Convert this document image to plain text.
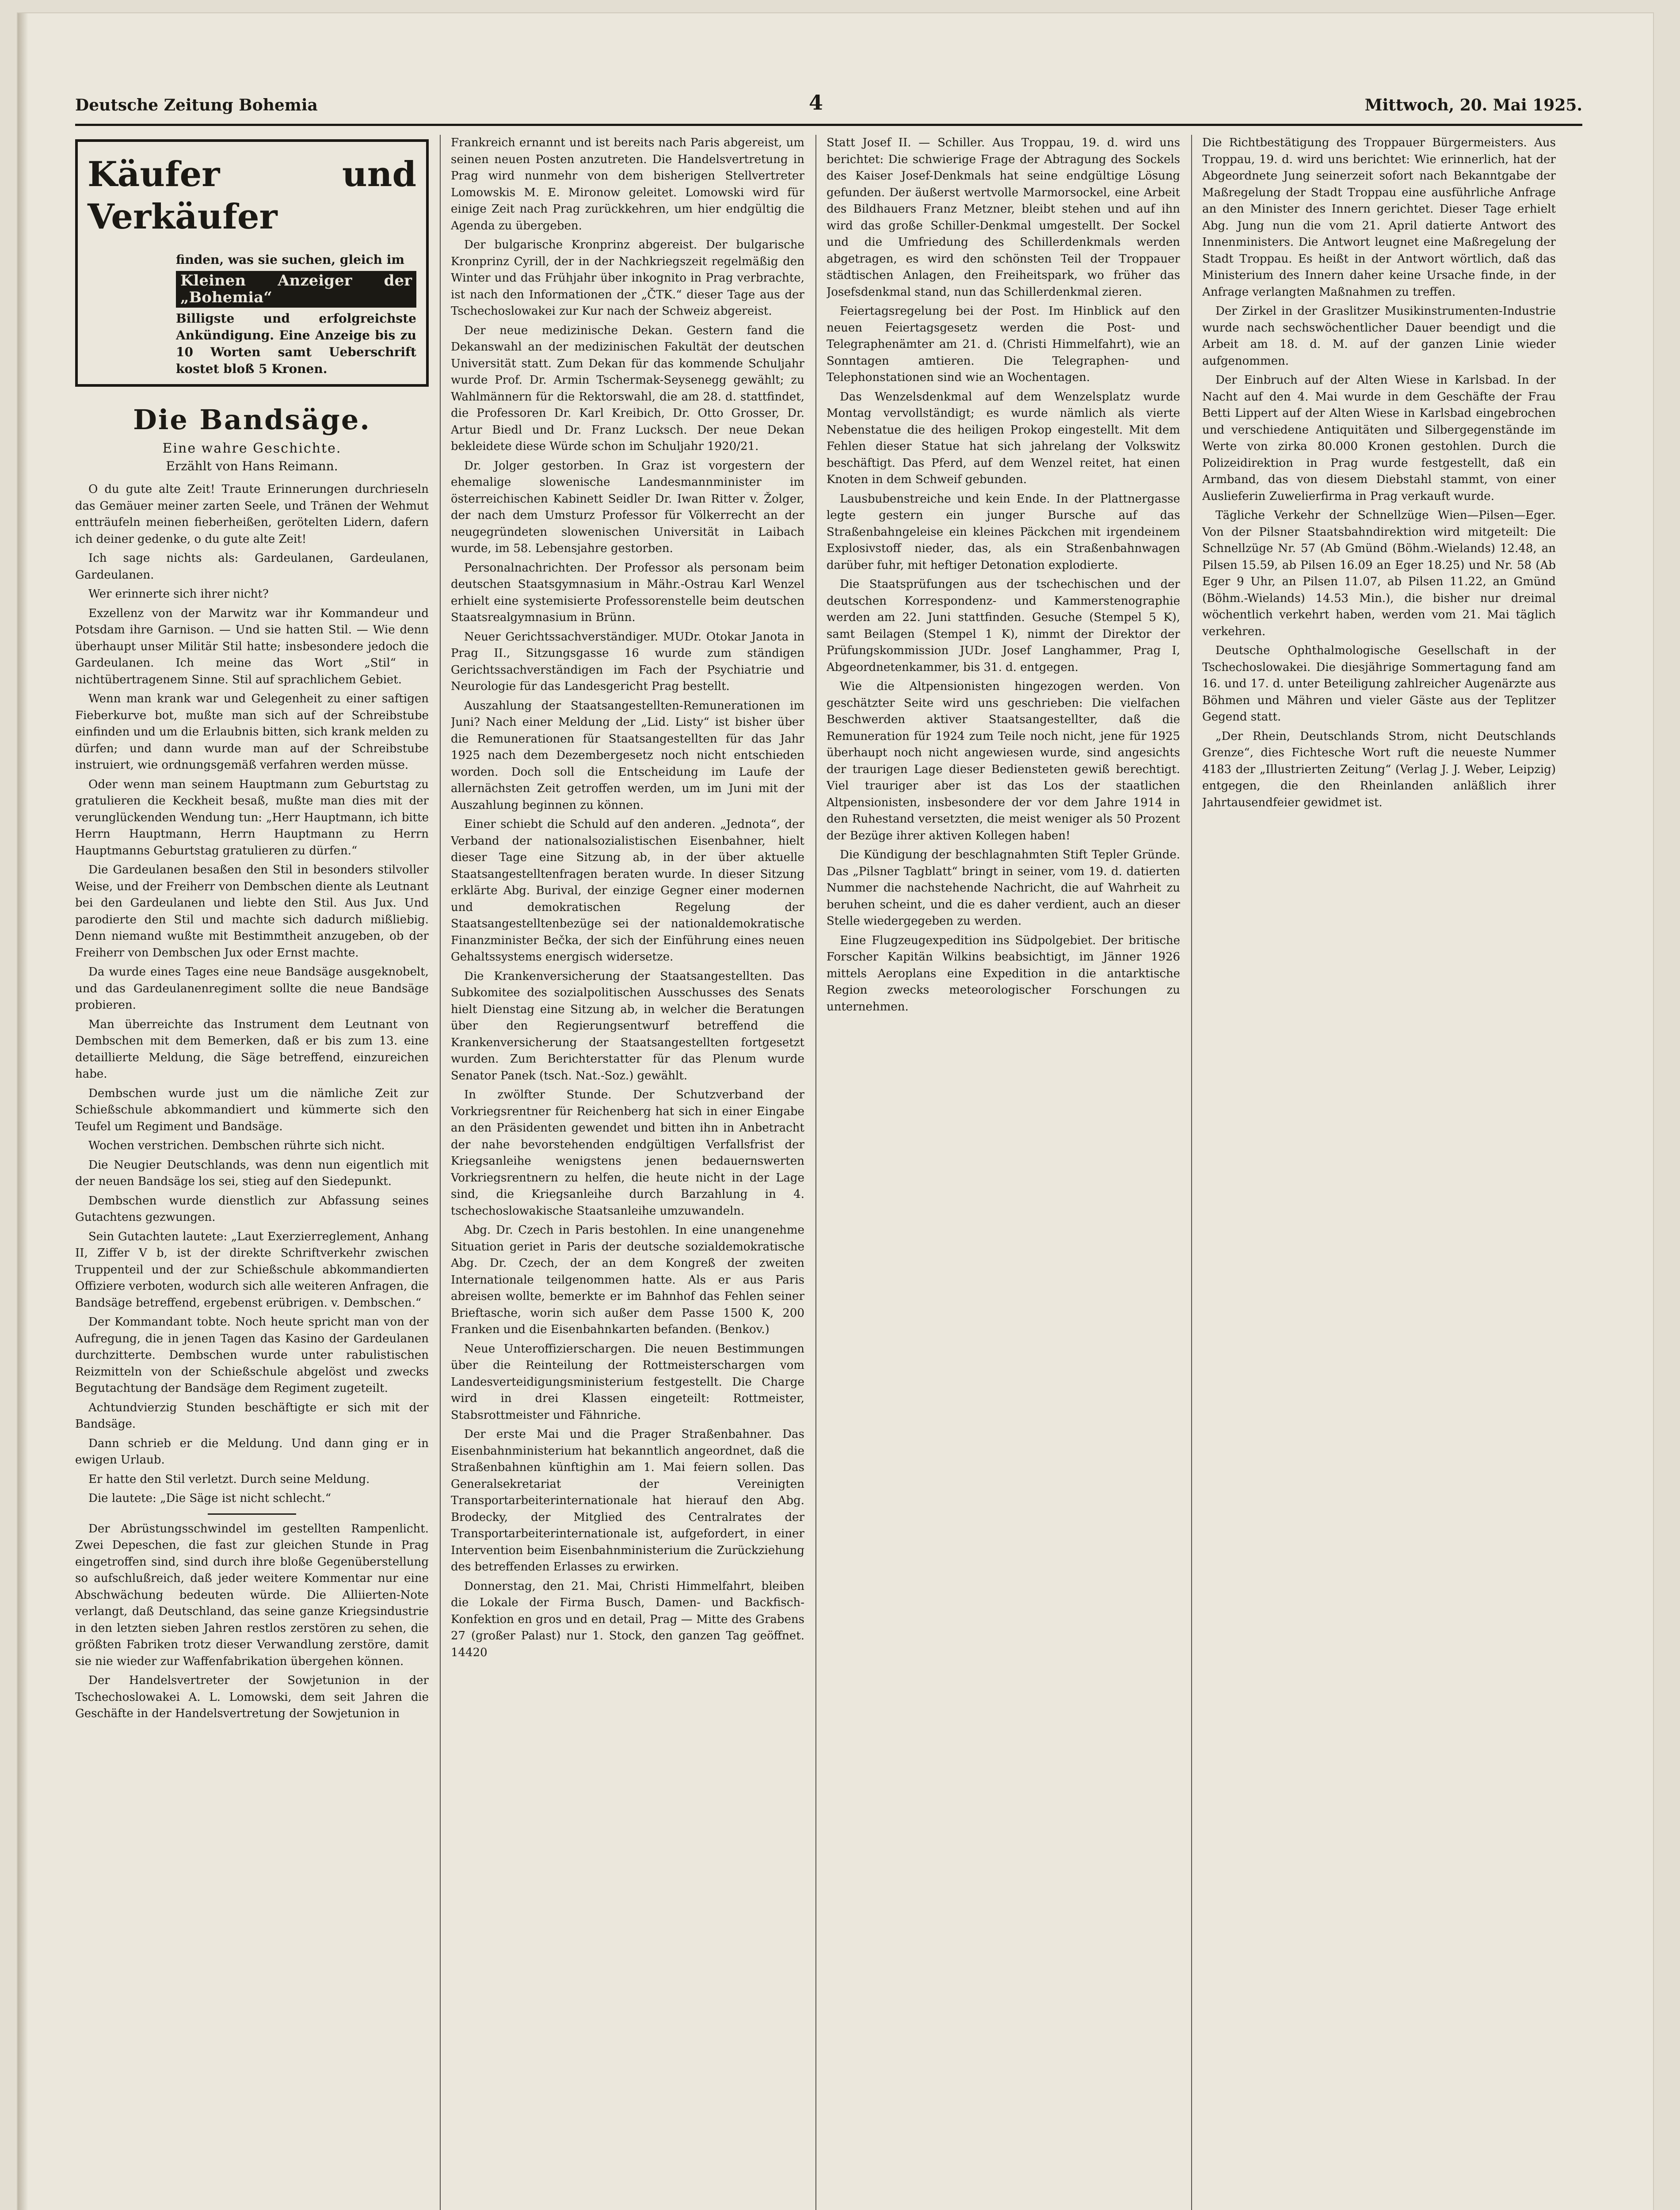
Deutsche Zeitung Bohemia	4	Mittwoch, 20. Mai 1925.
Käufer und Verkäufer
finden, was sie suchen, gleich im
Kleinen Anzeiger der „Bohemia“
Billigste und erfolgreichste Ankündigung. Eine Anzeige bis zu 10 Worten samt Ueberschrift kostet bloß 5 Kronen.
Die Bandsäge.
Eine wahre Geschichte.
Erzählt von Hans Reimann.

O du gute alte Zeit! Traute Erinnerungen durchrieseln das Gemäuer meiner zarten Seele, und Tränen der Wehmut entträufeln meinen fieberheißen, gerötelten Lidern, dafern ich deiner gedenke, o du gute alte Zeit!

Ich sage nichts als: Gardeulanen, Gardeulanen, Gardeulanen.

Wer erinnerte sich ihrer nicht?

Exzellenz von der Marwitz war ihr Kommandeur und Potsdam ihre Garnison. — Und sie hatten Stil. — Wie denn überhaupt unser Militär Stil hatte; insbesondere jedoch die Gardeulanen. Ich meine das Wort „Stil“ in nichtübertragenem Sinne. Stil auf sprachlichem Gebiet.

Wenn man krank war und Gelegenheit zu einer saftigen Fieberkurve bot, mußte man sich auf der Schreibstube einfinden und um die Erlaubnis bitten, sich krank melden zu dürfen; und dann wurde man auf der Schreibstube instruiert, wie ordnungsgemäß verfahren werden müsse.

Oder wenn man seinem Hauptmann zum Geburtstag zu gratulieren die Keckheit besaß, mußte man dies mit der verunglückenden Wendung tun: „Herr Hauptmann, ich bitte Herrn Hauptmann, Herrn Hauptmann zu Herrn Hauptmanns Geburtstag gratulieren zu dürfen.“

Die Gardeulanen besaßen den Stil in besonders stilvoller Weise, und der Freiherr von Dembschen diente als Leutnant bei den Gardeulanen und liebte den Stil. Aus Jux. Und parodierte den Stil und machte sich dadurch mißliebig. Denn niemand wußte mit Bestimmtheit anzugeben, ob der Freiherr von Dembschen Jux oder Ernst machte.

Da wurde eines Tages eine neue Bandsäge ausgeknobelt, und das Gardeulanenregiment sollte die neue Bandsäge probieren.

Man überreichte das Instrument dem Leutnant von Dembschen mit dem Bemerken, daß er bis zum 13. eine detaillierte Meldung, die Säge betreffend, einzureichen habe.

Dembschen wurde just um die nämliche Zeit zur Schießschule abkommandiert und kümmerte sich den Teufel um Regiment und Bandsäge.

Wochen verstrichen. Dembschen rührte sich nicht.

Die Neugier Deutschlands, was denn nun eigentlich mit der neuen Bandsäge los sei, stieg auf den Siedepunkt.

Dembschen wurde dienstlich zur Abfassung seines Gutachtens gezwungen.

Sein Gutachten lautete: „Laut Exerzierreglement, Anhang II, Ziffer V b, ist der direkte Schriftverkehr zwischen Truppenteil und der zur Schießschule abkommandierten Offiziere verboten, wodurch sich alle weiteren Anfragen, die Bandsäge betreffend, ergebenst erübrigen. v. Dembschen.“

Der Kommandant tobte. Noch heute spricht man von der Aufregung, die in jenen Tagen das Kasino der Gardeulanen durchzitterte. Dembschen wurde unter rabulistischen Reizmitteln von der Schießschule abgelöst und zwecks Begutachtung der Bandsäge dem Regiment zugeteilt.

Achtundvierzig Stunden beschäftigte er sich mit der Bandsäge.

Dann schrieb er die Meldung. Und dann ging er in ewigen Urlaub.

Er hatte den Stil verletzt. Durch seine Meldung.

Die lautete: „Die Säge ist nicht schlecht.“

Der Abrüstungsschwindel im gestellten Rampenlicht. Zwei Depeschen, die fast zur gleichen Stunde in Prag eingetroffen sind, sind durch ihre bloße Gegenüberstellung so aufschlußreich, daß jeder weitere Kommentar nur eine Abschwächung bedeuten würde. Die Alliierten-Note verlangt, daß Deutschland, das seine ganze Kriegsindustrie in den letzten sieben Jahren restlos zerstören zu sehen, die größten Fabriken trotz dieser Verwandlung zerstöre, damit sie nie wieder zur Waffenfabrikation übergehen können.

Der Handelsvertreter der Sowjetunion in der Tschechoslowakei A. L. Lomowski, dem seit Jahren die Geschäfte in der Handelsvertretung der Sowjetunion in

Frankreich ernannt und ist bereits nach Paris abgereist, um seinen neuen Posten anzutreten. Die Handelsvertretung in Prag wird nunmehr von dem bisherigen Stellvertreter Lomowskis M. E. Mironow geleitet. Lomowski wird für einige Zeit nach Prag zurückkehren, um hier endgültig die Agenda zu übergeben.

Der bulgarische Kronprinz abgereist. Der bulgarische Kronprinz Cyrill, der in der Nachkriegszeit regelmäßig den Winter und das Frühjahr über inkognito in Prag verbrachte, ist nach den Informationen der „ČTK.“ dieser Tage aus der Tschechoslowakei zur Kur nach der Schweiz abgereist.

Der neue medizinische Dekan. Gestern fand die Dekanswahl an der medizinischen Fakultät der deutschen Universität statt. Zum Dekan für das kommende Schuljahr wurde Prof. Dr. Armin Tschermak-Seysenegg gewählt; zu Wahlmännern für die Rektorswahl, die am 28. d. stattfindet, die Professoren Dr. Karl Kreibich, Dr. Otto Grosser, Dr. Artur Biedl und Dr. Franz Lucksch. Der neue Dekan bekleidete diese Würde schon im Schuljahr 1920/21.

Dr. Jolger gestorben. In Graz ist vorgestern der ehemalige slowenische Landesmannminister im österreichischen Kabinett Seidler Dr. Iwan Ritter v. Žolger, der nach dem Umsturz Professor für Völkerrecht an der neugegründeten slowenischen Universität in Laibach wurde, im 58. Lebensjahre gestorben.

Personalnachrichten. Der Professor als personam beim deutschen Staatsgymnasium in Mähr.-Ostrau Karl Wenzel erhielt eine systemisierte Professorenstelle beim deutschen Staatsrealgymnasium in Brünn.

Neuer Gerichtssachverständiger. MUDr. Otokar Janota in Prag II., Sitzungsgasse 16 wurde zum ständigen Gerichtssachverständigen im Fach der Psychiatrie und Neurologie für das Landesgericht Prag bestellt.

Auszahlung der Staatsangestellten-Remunerationen im Juni? Nach einer Meldung der „Lid. Listy“ ist bisher über die Remunerationen für Staatsangestellten für das Jahr 1925 nach dem Dezembergesetz noch nicht entschieden worden. Doch soll die Entscheidung im Laufe der allernächsten Zeit getroffen werden, um im Juni mit der Auszahlung beginnen zu können.

Einer schiebt die Schuld auf den anderen. „Jednota“, der Verband der nationalsozialistischen Eisenbahner, hielt dieser Tage eine Sitzung ab, in der über aktuelle Staatsangestelltenfragen beraten wurde. In dieser Sitzung erklärte Abg. Burival, der einzige Gegner einer modernen und demokratischen Regelung der Staatsangestelltenbezüge sei der nationaldemokratische Finanzminister Bečka, der sich der Einführung eines neuen Gehaltssystems energisch widersetze.

Die Krankenversicherung der Staatsangestellten. Das Subkomitee des sozialpolitischen Ausschusses des Senats hielt Dienstag eine Sitzung ab, in welcher die Beratungen über den Regierungsentwurf betreffend die Krankenversicherung der Staatsangestellten fortgesetzt wurden. Zum Berichterstatter für das Plenum wurde Senator Panek (tsch. Nat.-Soz.) gewählt.

In zwölfter Stunde. Der Schutzverband der Vorkriegsrentner für Reichenberg hat sich in einer Eingabe an den Präsidenten gewendet und bitten ihn in Anbetracht der nahe bevorstehenden endgültigen Verfallsfrist der Kriegsanleihe wenigstens jenen bedauernswerten Vorkriegsrentnern zu helfen, die heute nicht in der Lage sind, die Kriegsanleihe durch Barzahlung in 4. tschechoslowakische Staatsanleihe umzuwandeln.

Abg. Dr. Czech in Paris bestohlen. In eine unangenehme Situation geriet in Paris der deutsche sozialdemokratische Abg. Dr. Czech, der an dem Kongreß der zweiten Internationale teilgenommen hatte. Als er aus Paris abreisen wollte, bemerkte er im Bahnhof das Fehlen seiner Brieftasche, worin sich außer dem Passe 1500 K, 200 Franken und die Eisenbahnkarten befanden. (Benkov.)

Neue Unteroffizierschargen. Die neuen Bestimmungen über die Reinteilung der Rottmeisterschargen vom Landesverteidigungsministerium festgestellt. Die Charge wird in drei Klassen eingeteilt: Rottmeister, Stabsrottmeister und Fähnriche.

Der erste Mai und die Prager Straßenbahner. Das Eisenbahnministerium hat bekanntlich angeordnet, daß die Straßenbahnen künftighin am 1. Mai feiern sollen. Das Generalsekretariat der Vereinigten Transportarbeiterinternationale hat hierauf den Abg. Brodecky, der Mitglied des Centralrates der Transportarbeiterinternationale ist, aufgefordert, in einer Intervention beim Eisenbahnministerium die Zurückziehung des betreffenden Erlasses zu erwirken.

Donnerstag, den 21. Mai, Christi Himmelfahrt, bleiben die Lokale der Firma Busch, Damen- und Backfisch-Konfektion en gros und en detail, Prag — Mitte des Grabens 27 (großer Palast) nur 1. Stock, den ganzen Tag geöffnet. 14420

Statt Josef II. — Schiller. Aus Troppau, 19. d. wird uns berichtet: Die schwierige Frage der Abtragung des Sockels des Kaiser Josef-Denkmals hat seine endgültige Lösung gefunden. Der äußerst wertvolle Marmorsockel, eine Arbeit des Bildhauers Franz Metzner, bleibt stehen und auf ihn wird das große Schiller-Denkmal umgestellt. Der Sockel und die Umfriedung des Schillerdenkmals werden abgetragen, es wird den schönsten Teil der Troppauer städtischen Anlagen, den Freiheitspark, wo früher das Josefsdenkmal stand, nun das Schillerdenkmal zieren.

Feiertagsregelung bei der Post. Im Hinblick auf den neuen Feiertagsgesetz werden die Post- und Telegraphenämter am 21. d. (Christi Himmelfahrt), wie an Sonntagen amtieren. Die Telegraphen- und Telephonstationen sind wie an Wochentagen.

Das Wenzelsdenkmal auf dem Wenzelsplatz wurde Montag vervollständigt; es wurde nämlich als vierte Nebenstatue die des heiligen Prokop eingestellt. Mit dem Fehlen dieser Statue hat sich jahrelang der Volkswitz beschäftigt. Das Pferd, auf dem Wenzel reitet, hat einen Knoten in dem Schweif gebunden.

Lausbubenstreiche und kein Ende. In der Plattnergasse legte gestern ein junger Bursche auf das Straßenbahngeleise ein kleines Päckchen mit irgendeinem Explosivstoff nieder, das, als ein Straßenbahnwagen darüber fuhr, mit heftiger Detonation explodierte.

Die Staatsprüfungen aus der tschechischen und der deutschen Korrespondenz- und Kammerstenographie werden am 22. Juni stattfinden. Gesuche (Stempel 5 K), samt Beilagen (Stempel 1 K), nimmt der Direktor der Prüfungskommission JUDr. Josef Langhammer, Prag I, Abgeordnetenkammer, bis 31. d. entgegen.

Wie die Altpensionisten hingezogen werden. Von geschätzter Seite wird uns geschrieben: Die vielfachen Beschwerden aktiver Staatsangestellter, daß die Remuneration für 1924 zum Teile noch nicht, jene für 1925 überhaupt noch nicht angewiesen wurde, sind angesichts der traurigen Lage dieser Bediensteten gewiß berechtigt. Viel trauriger aber ist das Los der staatlichen Altpensionisten, insbesondere der vor dem Jahre 1914 in den Ruhestand versetzten, die meist weniger als 50 Prozent der Bezüge ihrer aktiven Kollegen haben!

Die Kündigung der beschlagnahmten Stift Tepler Gründe. Das „Pilsner Tagblatt“ bringt in seiner, vom 19. d. datierten Nummer die nachstehende Nachricht, die auf Wahrheit zu beruhen scheint, und die es daher verdient, auch an dieser Stelle wiedergegeben zu werden.

Eine Flugzeugexpedition ins Südpolgebiet. Der britische Forscher Kapitän Wilkins beabsichtigt, im Jänner 1926 mittels Aeroplans eine Expedition in die antarktische Region zwecks meteorologischer Forschungen zu unternehmen.

Die Richtbestätigung des Troppauer Bürgermeisters. Aus Troppau, 19. d. wird uns berichtet: Wie erinnerlich, hat der Abgeordnete Jung seinerzeit sofort nach Bekanntgabe der Maßregelung der Stadt Troppau eine ausführliche Anfrage an den Minister des Innern gerichtet. Dieser Tage erhielt Abg. Jung nun die vom 21. April datierte Antwort des Innenministers. Die Antwort leugnet eine Maßregelung der Stadt Troppau. Es heißt in der Antwort wörtlich, daß das Ministerium des Innern daher keine Ursache finde, in der Anfrage verlangten Maßnahmen zu treffen.

Der Zirkel in der Graslitzer Musikinstrumenten-Industrie wurde nach sechswöchentlicher Dauer beendigt und die Arbeit am 18. d. M. auf der ganzen Linie wieder aufgenommen.

Der Einbruch auf der Alten Wiese in Karlsbad. In der Nacht auf den 4. Mai wurde in dem Geschäfte der Frau Betti Lippert auf der Alten Wiese in Karlsbad eingebrochen und verschiedene Antiquitäten und Silbergegenstände im Werte von zirka 80.000 Kronen gestohlen. Durch die Polizeidirektion in Prag wurde festgestellt, daß ein Armband, das von diesem Diebstahl stammt, von einer Auslieferin Zuwelierfirma in Prag verkauft wurde.

Tägliche Verkehr der Schnellzüge Wien—Pilsen—Eger. Von der Pilsner Staatsbahndirektion wird mitgeteilt: Die Schnellzüge Nr. 57 (Ab Gmünd (Böhm.-Wielands) 12.48, an Pilsen 15.59, ab Pilsen 16.09 an Eger 18.25) und Nr. 58 (Ab Eger 9 Uhr, an Pilsen 11.07, ab Pilsen 11.22, an Gmünd (Böhm.-Wielands) 14.53 Min.), die bisher nur dreimal wöchentlich verkehrt haben, werden vom 21. Mai täglich verkehren.

Deutsche Ophthalmologische Gesellschaft in der Tschechoslowakei. Die diesjährige Sommertagung fand am 16. und 17. d. unter Beteiligung zahlreicher Augenärzte aus Böhmen und Mähren und vieler Gäste aus der Teplitzer Gegend statt.

„Der Rhein, Deutschlands Strom, nicht Deutschlands Grenze“, dies Fichtesche Wort ruft die neueste Nummer 4183 der „Illustrierten Zeitung“ (Verlag J. J. Weber, Leipzig) entgegen, die den Rheinlanden anläßlich ihrer Jahrtausendfeier gewidmet ist.
